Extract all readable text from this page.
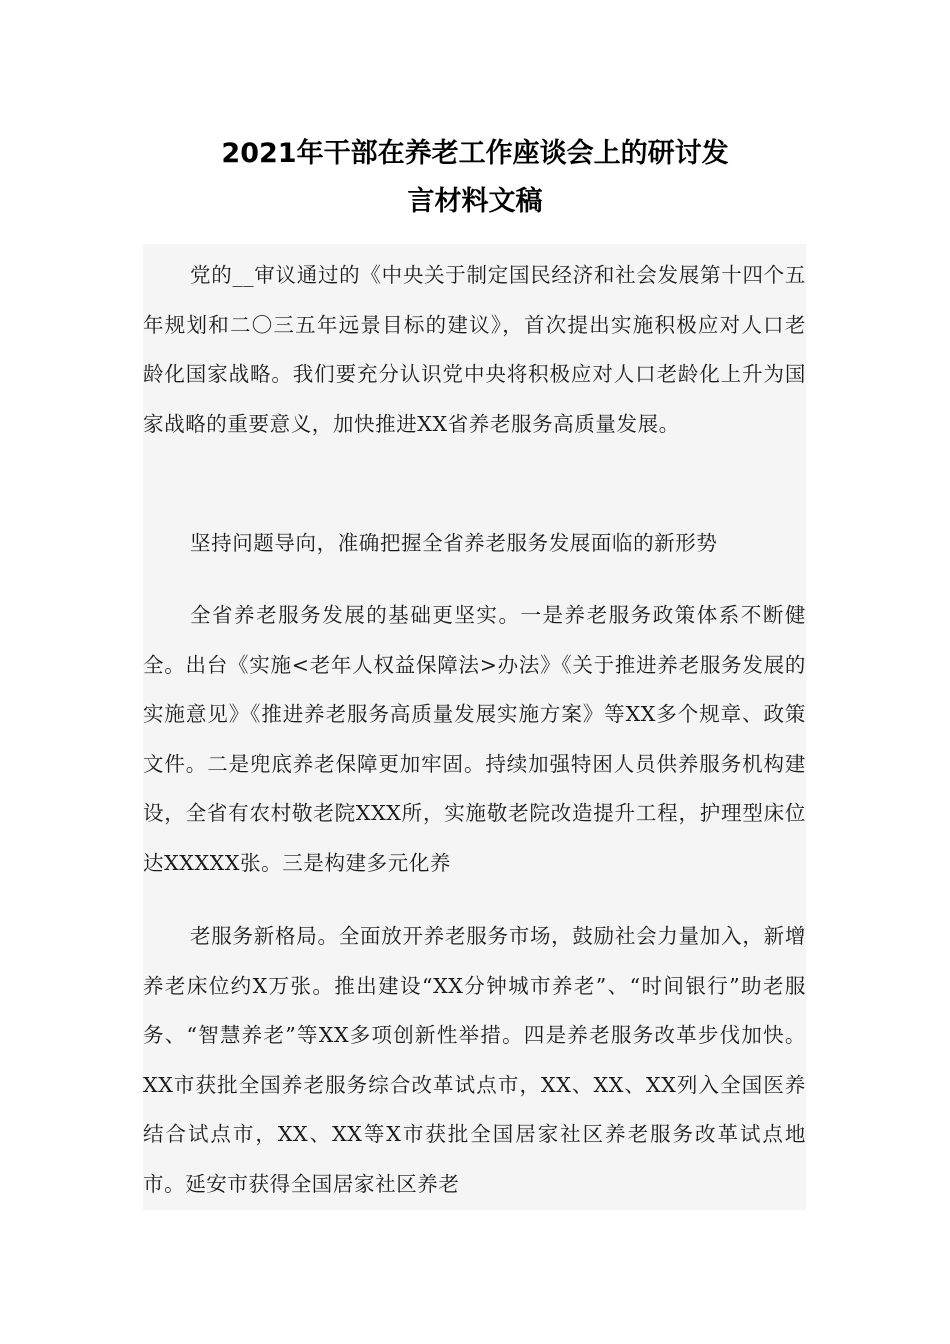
2021年干部在养老工作座谈会上的研讨发
言材料文稿

党的__审议通过的《中央关于制定国民经济和社会发展第十四个五年规划和二〇三五年远景目标的建议》，首次提出实施积极应对人口老龄化国家战略。我们要充分认识党中央将积极应对人口老龄化上升为国家战略的重要意义，加快推进XX省养老服务高质量发展。

坚持问题导向，准确把握全省养老服务发展面临的新形势

全省养老服务发展的基础更坚实。一是养老服务政策体系不断健全。出台《实施<老年人权益保障法>办法》《关于推进养老服务发展的实施意见》《推进养老服务高质量发展实施方案》等XX多个规章、政策文件。二是兜底养老保障更加牢固。持续加强特困人员供养服务机构建设，全省有农村敬老院XXX所，实施敬老院改造提升工程，护理型床位达XXXXX张。三是构建多元化养

老服务新格局。全面放开养老服务市场，鼓励社会力量加入，新增养老床位约X万张。推出建设“XX分钟城市养老”、“时间银行”助老服务、“智慧养老”等XX多项创新性举措。四是养老服务改革步伐加快。XX市获批全国养老服务综合改革试点市，XX、XX、XX列入全国医养结合试点市，XX、XX等X市获批全国居家社区养老服务改革试点地市。延安市获得全国居家社区养老
